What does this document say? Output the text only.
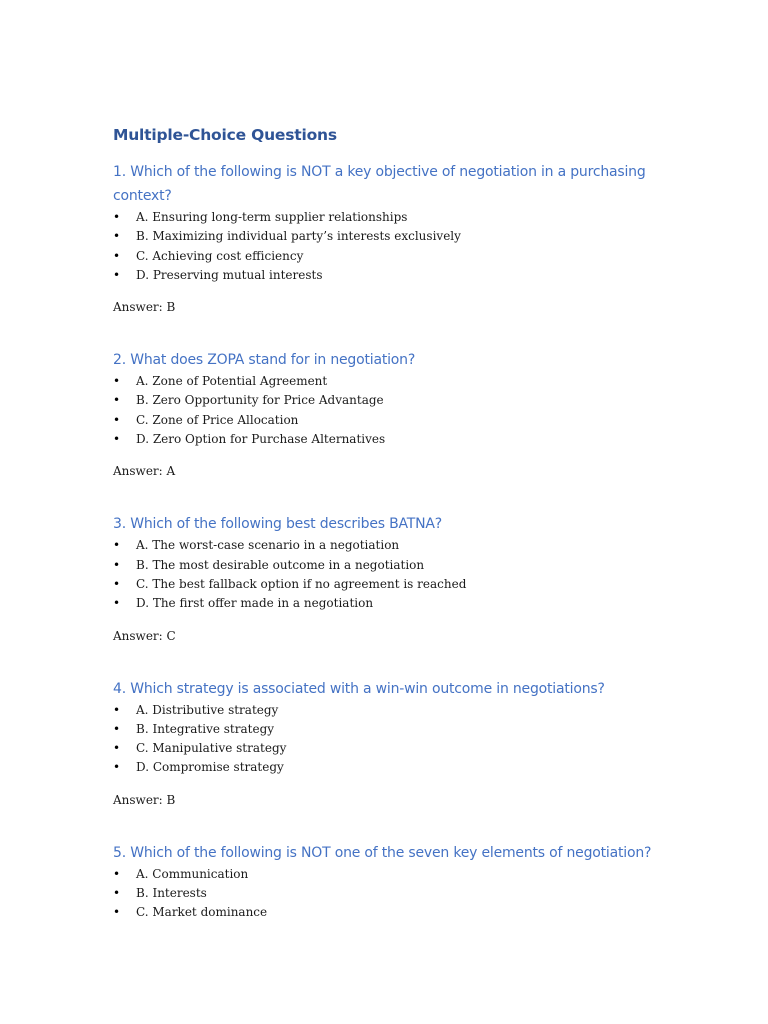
Multiple-Choice Questions
1. Which of the following is NOT a key objective of negotiation in a purchasing context?
• A. Ensuring long-term supplier relationships
• B. Maximizing individual party’s interests exclusively
• C. Achieving cost efficiency
• D. Preserving mutual interests
Answer: B
2. What does ZOPA stand for in negotiation?
• A. Zone of Potential Agreement
• B. Zero Opportunity for Price Advantage
• C. Zone of Price Allocation
• D. Zero Option for Purchase Alternatives
Answer: A
3. Which of the following best describes BATNA?
• A. The worst-case scenario in a negotiation
• B. The most desirable outcome in a negotiation
• C. The best fallback option if no agreement is reached
• D. The first offer made in a negotiation
Answer: C
4. Which strategy is associated with a win-win outcome in negotiations?
• A. Distributive strategy
• B. Integrative strategy
• C. Manipulative strategy
• D. Compromise strategy
Answer: B
5. Which of the following is NOT one of the seven key elements of negotiation?
• A. Communication
• B. Interests
• C. Market dominance
